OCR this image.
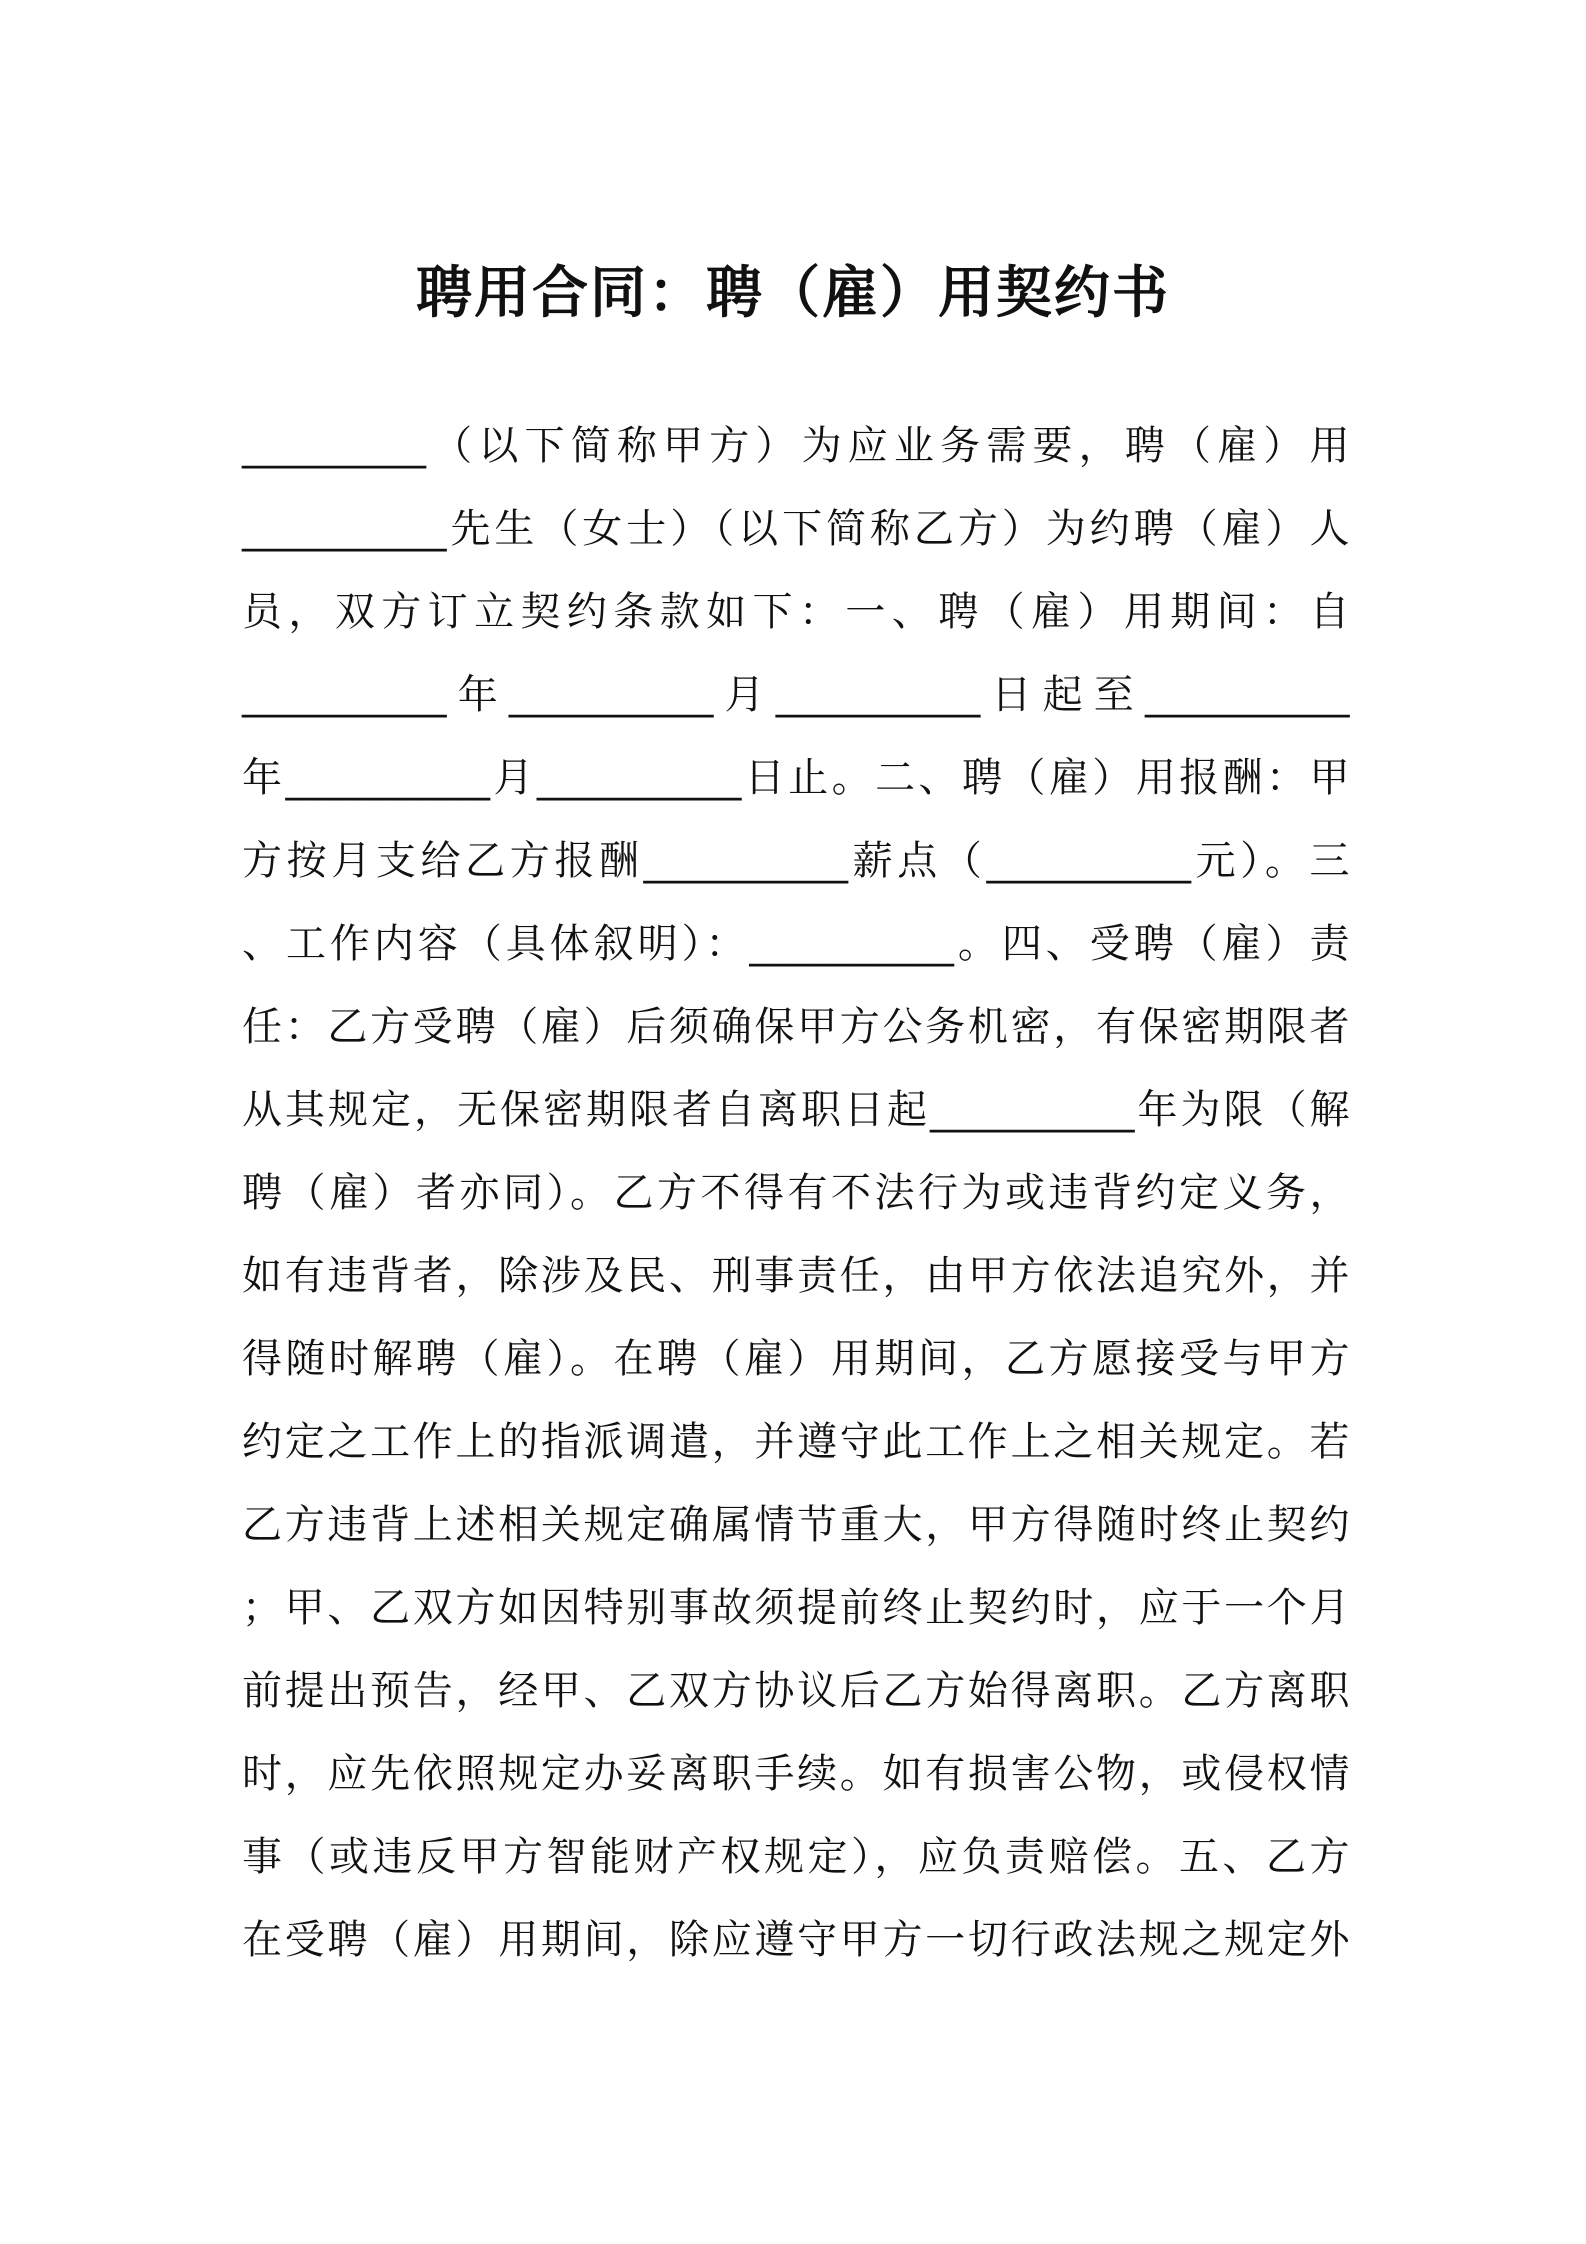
聘用合同：聘（雇）用契约书
_________（以下简称甲方）为应业务需要，聘（雇）用
__________先生（女士）（以下简称乙方）为约聘（雇）人
员，双方订立契约条款如下：一、聘（雇）用期间：自
__________年__________月__________日起至__________
年__________月__________日止。二、聘（雇）用报酬：甲
方按月支给乙方报酬__________薪点（__________元）。三
、工作内容（具体叙明）：__________。四、受聘（雇）责
任：乙方受聘（雇）后须确保甲方公务机密，有保密期限者
从其规定，无保密期限者自离职日起__________年为限（解
聘（雇）者亦同）。乙方不得有不法行为或违背约定义务，
如有违背者，除涉及民、刑事责任，由甲方依法追究外，并
得随时解聘（雇）。在聘（雇）用期间，乙方愿接受与甲方
约定之工作上的指派调遣，并遵守此工作上之相关规定。若
乙方违背上述相关规定确属情节重大，甲方得随时终止契约
；甲、乙双方如因特别事故须提前终止契约时，应于一个月
前提出预告，经甲、乙双方协议后乙方始得离职。乙方离职
时，应先依照规定办妥离职手续。如有损害公物，或侵权情
事（或违反甲方智能财产权规定），应负责赔偿。五、乙方
在受聘（雇）用期间，除应遵守甲方一切行政法规之规定外
